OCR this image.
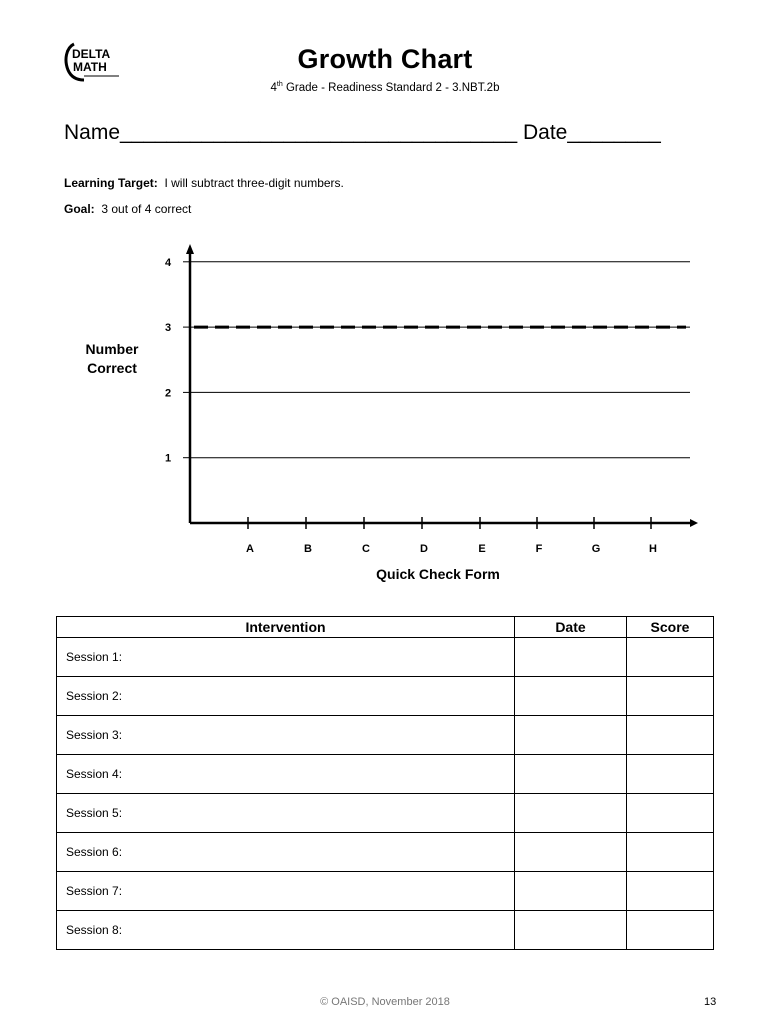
DELTA
MATH	Growth Chart
4th Grade - Readiness Standard 2 - 3.NBT.2b
Name__________________________________ Date________
Learning Target: I will subtract three-digit numbers.
Goal: 3 out of 4 correct
1
2
3
4
A	B	C	D	E	F	G	H
Quick Check Form
Number
Correct
Intervention	Date	Score
Session 1:		
Session 2:		
Session 3:		
Session 4:		
Session 5:		
Session 6:		
Session 7:		
Session 8:		
© OAISD, November 2018	13
